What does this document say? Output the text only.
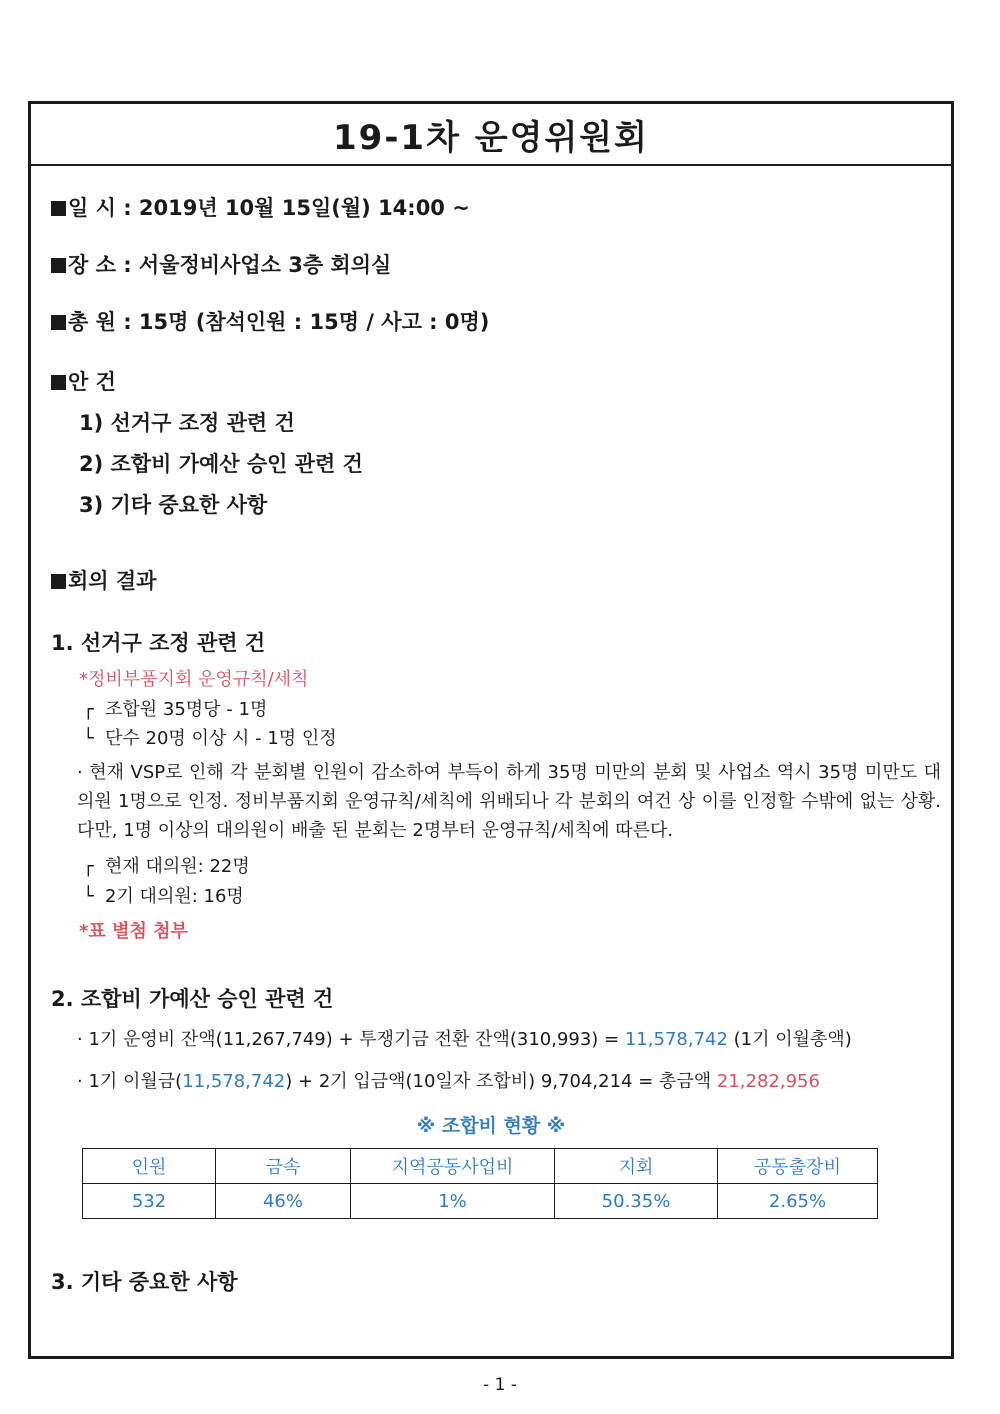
19-1차 운영위원회
일 시 : 2019년 10월 15일(월) 14:00 ~
장 소 : 서울정비사업소 3층 회의실
총 원 : 15명 (참석인원 : 15명 / 사고 : 0명)
안 건
1) 선거구 조정 관련 건
2) 조합비 가예산 승인 관련 건
3) 기타 중요한 사항
회의 결과
1. 선거구 조정 관련 건
*정비부품지회 운영규칙/세칙
┌ 조합원 35명당 - 1명
└ 단수 20명 이상 시 - 1명 인정
· 현재 VSP로 인해 각 분회별 인원이 감소하여 부득이 하게 35명 미만의 분회 및 사업소 역시 35명 미만도 대의원 1명으로 인정. 정비부품지회 운영규칙/세칙에 위배되나 각 분회의 여건 상 이를 인정할 수밖에 없는 상황. 다만, 1명 이상의 대의원이 배출 된 분회는 2명부터 운영규칙/세칙에 따른다.
┌ 현재 대의원: 22명
└ 2기 대의원: 16명
*표 별첨 첨부
2. 조합비 가예산 승인 관련 건
· 1기 운영비 잔액(11,267,749) + 투쟁기금 전환 잔액(310,993) = 11,578,742 (1기 이월총액)
· 1기 이월금(11,578,742) + 2기 입금액(10일자 조합비) 9,704,214 = 총금액 21,282,956
※ 조합비 현황 ※
인원	금속	지역공동사업비	지회	공동출장비
532	46%	1%	50.35%	2.65%
3. 기타 중요한 사항
- 1 -
